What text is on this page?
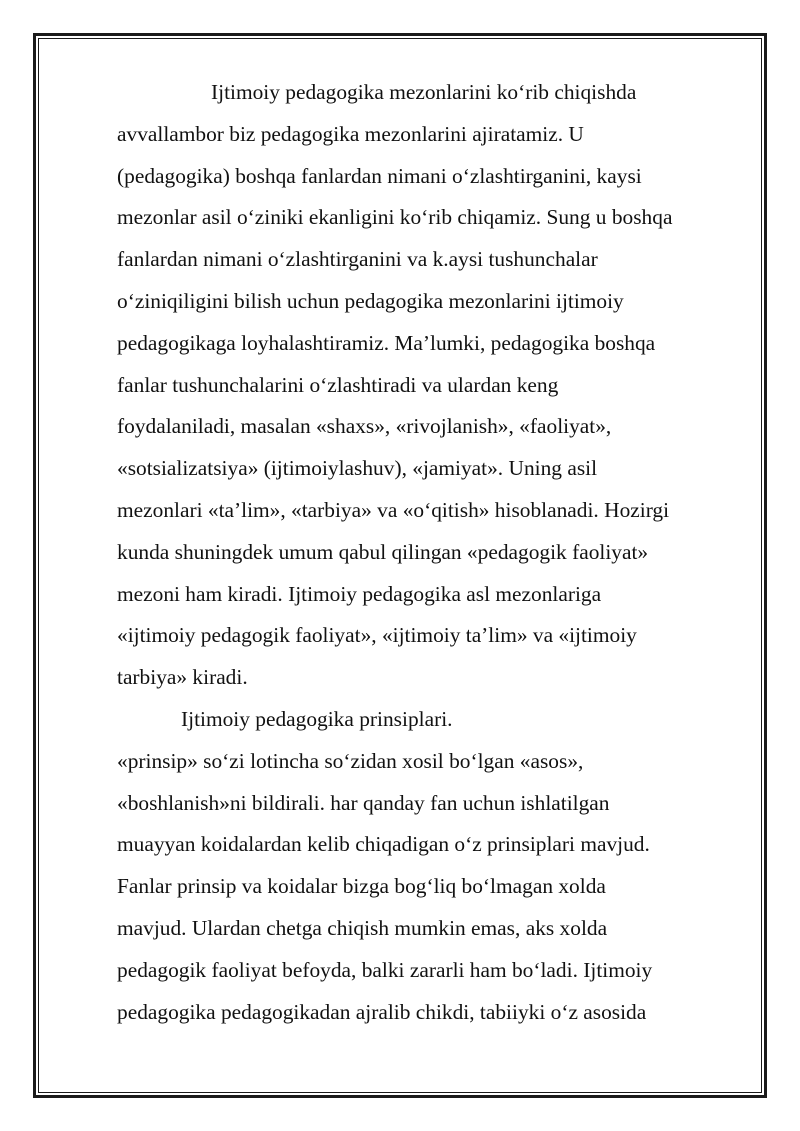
Ijtimoiy pedagogika mezonlarini koʻrib chiqishda
avvallambor biz pedagogika mezonlarini ajiratamiz. U
(pedagogika) boshqa fanlardan nimani oʻzlashtirganini, kaysi
mezonlar asil oʻziniki ekanligini koʻrib chiqamiz. Sung u boshqa
fanlardan nimani oʻzlashtirganini va k.aysi tushunchalar
oʻziniqiligini bilish uchun pedagogika mezonlarini ijtimoiy
pedagogikaga loyhalashtiramiz. Ma’lumki, pedagogika boshqa
fanlar tushunchalarini oʻzlashtiradi va ulardan keng
foydalaniladi, masalan «shaxs», «rivojlanish», «faoliyat»,
«sotsializatsiya» (ijtimoiylashuv), «jamiyat». Uning asil
mezonlari «ta’lim», «tarbiya» va «oʻqitish» hisoblanadi. Hozirgi
kunda shuningdek umum qabul qilingan «pedagogik faoliyat»
mezoni ham kiradi. Ijtimoiy pedagogika asl mezonlariga
«ijtimoiy pedagogik faoliyat», «ijtimoiy ta’lim» va «ijtimoiy
tarbiya» kiradi.
Ijtimoiy pedagogika prinsiplari.
«prinsip» soʻzi lotincha soʻzidan xosil boʻlgan «asos»,
«boshlanish»ni bildirali. har qanday fan uchun ishlatilgan
muayyan koidalardan kelib chiqadigan oʻz prinsiplari mavjud.
Fanlar prinsip va koidalar bizga bogʻliq boʻlmagan xolda
mavjud. Ulardan chetga chiqish mumkin emas, aks xolda
pedagogik faoliyat befoyda, balki zararli ham boʻladi. Ijtimoiy
pedagogika pedagogikadan ajralib chikdi, tabiiyki oʻz asosida
